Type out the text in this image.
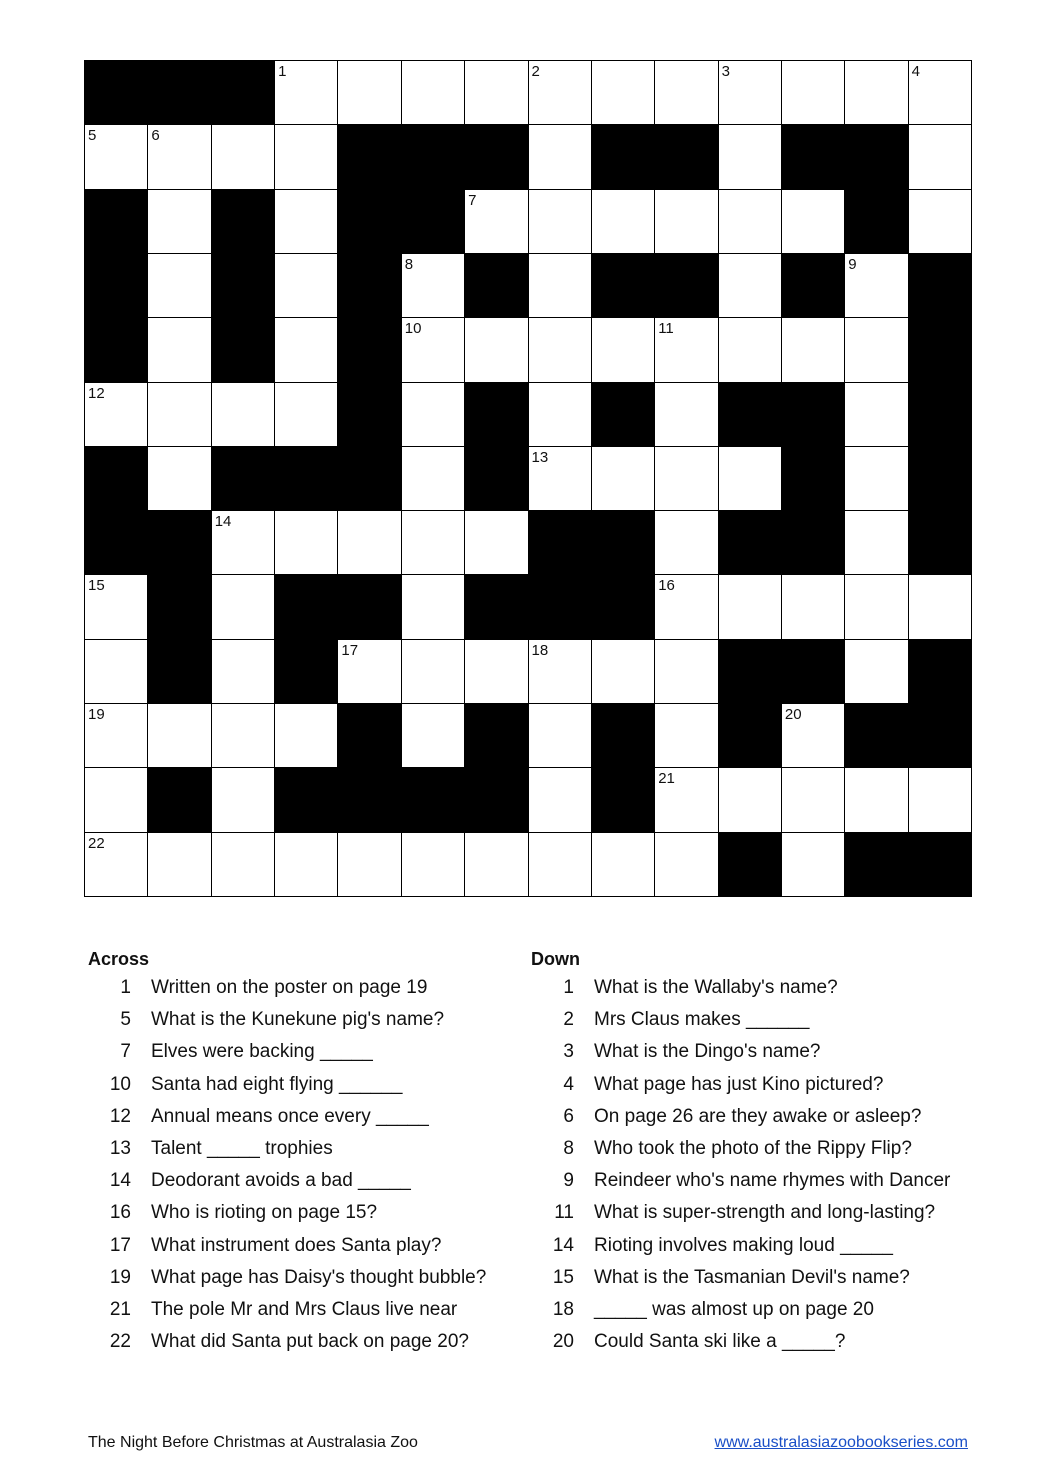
1	2	3	4
5	6
7
8	9
10	11
12
13
14
15	16
17	18
19	20
21
22
Across
1	Written on the poster on page 19
5	What is the Kunekune pig's name?
7	Elves were backing _____
10	Santa had eight flying ______
12	Annual means once every _____
13	Talent _____ trophies
14	Deodorant avoids a bad _____
16	Who is rioting on page 15?
17	What instrument does Santa play?
19	What page has Daisy's thought bubble?
21	The pole Mr and Mrs Claus live near
22	What did Santa put back on page 20?
Down
1	What is the Wallaby's name?
2	Mrs Claus makes ______
3	What is the Dingo's name?
4	What page has just Kino pictured?
6	On page 26 are they awake or asleep?
8	Who took the photo of the Rippy Flip?
9	Reindeer who's name rhymes with Dancer
11	What is super-strength and long-lasting?
14	Rioting involves making loud _____
15	What is the Tasmanian Devil's name?
18	_____ was almost up on page 20
20	Could Santa ski like a _____?
The Night Before Christmas at Australasia Zoo	www.australasiazoobookseries.com
